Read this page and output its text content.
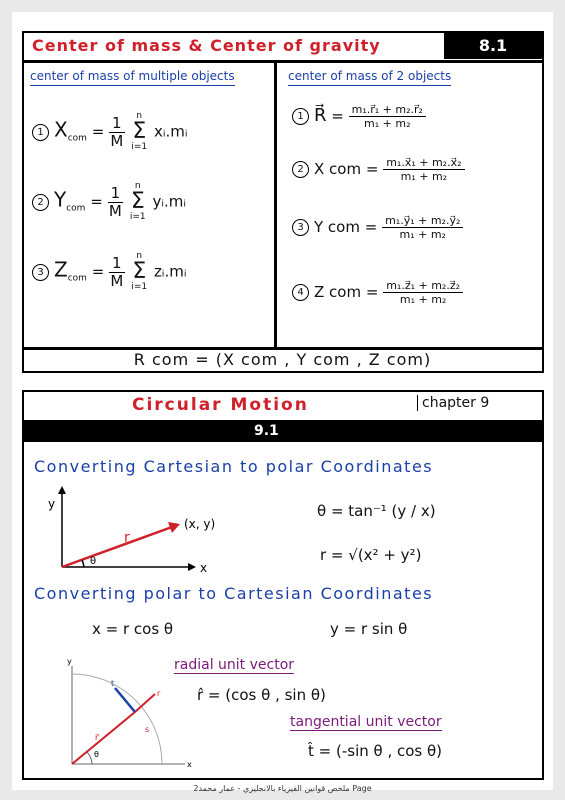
Center of mass & Center of gravity	8.1
center of mass of multiple objects	center of mass of 2 objects
1 $X_{com} = \frac{1}{M}$
n
Σ
i=1
xᵢ.mᵢ
2 $Y_{com} = \frac{1}{M}$
n
Σ
i=1
yᵢ.mᵢ
3 $Z_{com} = \frac{1}{M}$
n
Σ
i=1
zᵢ.mᵢ
1 R⃗ = $\frac{\text{m₁.r⃗₁ + m₂.r⃗₂}}{\text{m₁ + m₂}}$
2 X com = $\frac{\text{m₁.x⃗₁ + m₂.x⃗₂}}{\text{m₁ + m₂}}$
3 Y com = $\frac{\text{m₁.y⃗₁ + m₂.y⃗₂}}{\text{m₁ + m₂}}$
4 Z com = $\frac{\text{m₁.z⃗₁ + m₂.z⃗₂}}{\text{m₁ + m₂}}$
R com = (X com , Y com , Z com)
Circular Motion	chapter 9
9.1
Converting Cartesian to polar Coordinates
y
x
(x, y)
r
θ
θ = tan⁻¹ (y / x)
r = √(x² + y²)
Converting polar to Cartesian Coordinates
x = r cos θ	y = r sin θ
y
x
r
t
r⃗
θ
s
radial unit vector
r̂ = (cos θ , sin θ)
tangential unit vector
t̂ = (-sin θ , cos θ)
ملخص قوانين الفيزياء بالانجليزي - عمار محمد2 Page
